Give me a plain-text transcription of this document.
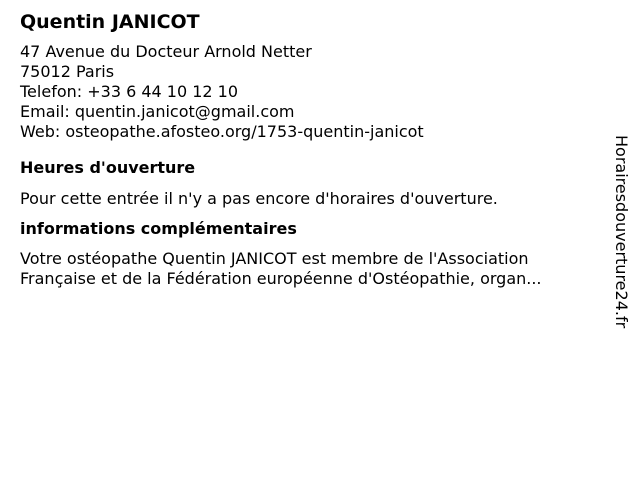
Quentin JANICOT
47 Avenue du Docteur Arnold Netter
75012 Paris
Telefon: +33 6 44 10 12 10
Email: quentin.janicot@gmail.com
Web: osteopathe.afosteo.org/1753-quentin-janicot
Heures d'ouverture
Pour cette entrée il n'y a pas encore d'horaires d'ouverture.
informations complémentaires
Votre ostéopathe Quentin JANICOT est membre de l'Association
Française et de la Fédération européenne d'Ostéopathie, organ...	Horairesdouverture24.fr
